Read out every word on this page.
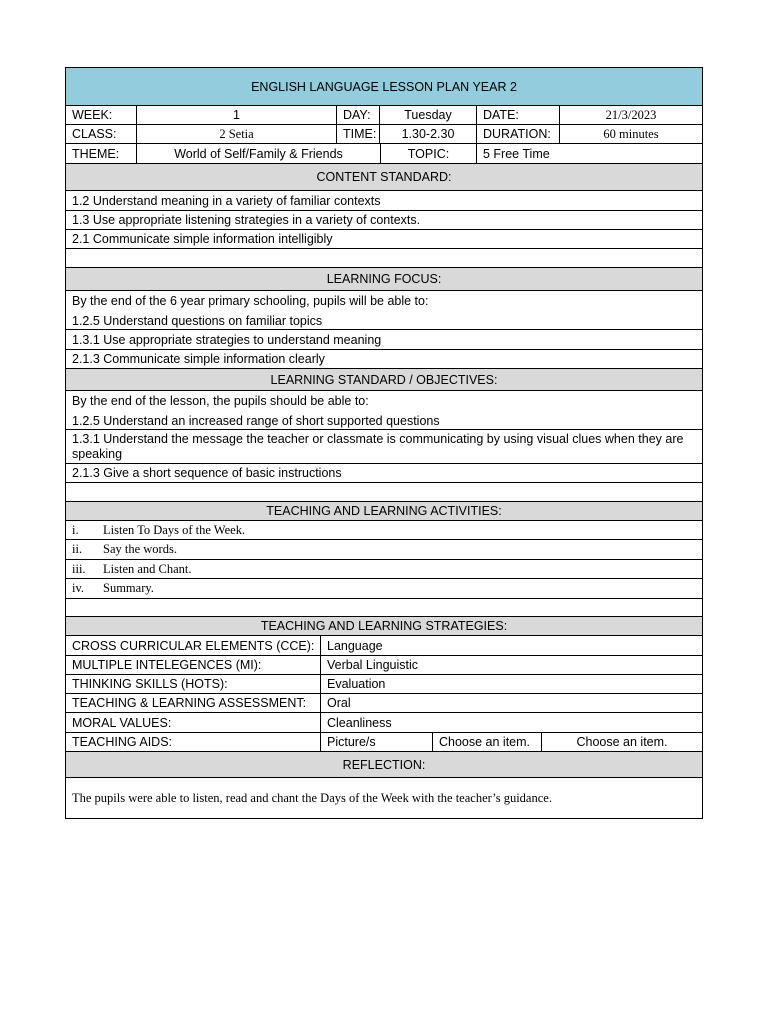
ENGLISH LANGUAGE LESSON PLAN YEAR 2
WEEK:	1	DAY:	Tuesday	DATE:	21/3/2023
CLASS:	2 Setia	TIME:	1.30-2.30	DURATION:	60 minutes
THEME:	World of Self/Family & Friends	TOPIC:	5 Free Time
CONTENT STANDARD:
1.2 Understand meaning in a variety of familiar contexts
1.3 Use appropriate listening strategies in a variety of contexts.
2.1 Communicate simple information intelligibly
LEARNING FOCUS:
By the end of the 6 year primary schooling, pupils will be able to:
1.2.5 Understand questions on familiar topics
1.3.1 Use appropriate strategies to understand meaning
2.1.3 Communicate simple information clearly
LEARNING STANDARD / OBJECTIVES:
By the end of the lesson, the pupils should be able to:
1.2.5 Understand an increased range of short supported questions
1.3.1 Understand the message the teacher or classmate is communicating by using visual clues when they are speaking
2.1.3 Give a short sequence of basic instructions
TEACHING AND LEARNING ACTIVITIES:
i.	Listen To Days of the Week.
ii.	Say the words.
iii.	Listen and Chant.
iv.	Summary.
TEACHING AND LEARNING STRATEGIES:
CROSS CURRICULAR ELEMENTS (CCE):	Language
MULTIPLE INTELEGENCES (MI):	Verbal Linguistic
THINKING SKILLS (HOTS):	Evaluation
TEACHING & LEARNING ASSESSMENT:	Oral
MORAL VALUES:	Cleanliness
TEACHING AIDS:	Picture/s	Choose an item.	Choose an item.
REFLECTION:
The pupils were able to listen, read and chant the Days of the Week with the teacher’s guidance.
